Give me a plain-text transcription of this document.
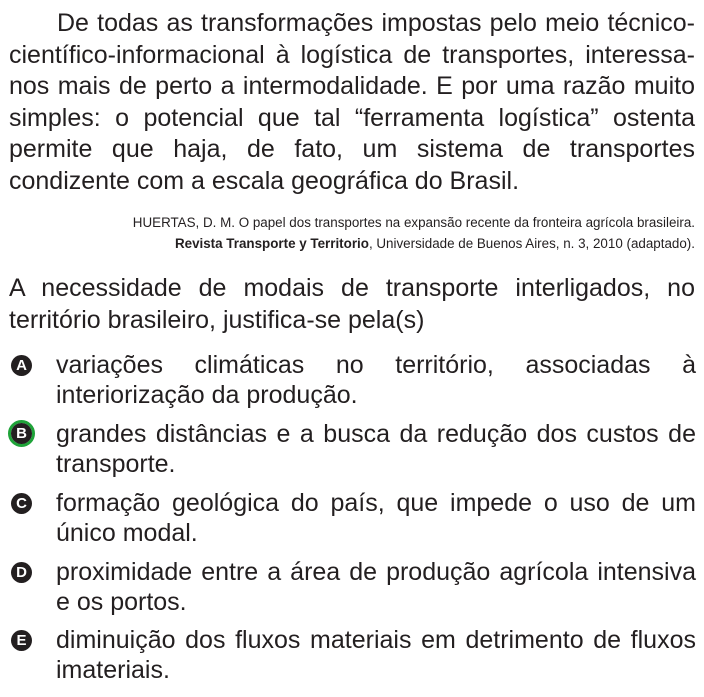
De todas as transformações impostas pelo meio técnico-científico-informacional à logística de transportes, interessa-nos mais de perto a intermodalidade. E por uma razão muito simples: o potencial que tal “ferramenta logística” ostenta permite que haja, de fato, um sistema de transportes condizente com a escala geográfica do Brasil.

HUERTAS, D. M. O papel dos transportes na expansão recente da fronteira agrícola brasileira.
Revista Transporte y Territorio, Universidade de Buenos Aires, n. 3, 2010 (adaptado).

A necessidade de modais de transporte interligados, no território brasileiro, justifica-se pela(s)

A variações climáticas no território, associadas à interiorização da produção.

B grandes distâncias e a busca da redução dos custos de transporte.

C formação geológica do país, que impede o uso de um único modal.

D proximidade entre a área de produção agrícola intensiva e os portos.

E diminuição dos fluxos materiais em detrimento de fluxos imateriais.
